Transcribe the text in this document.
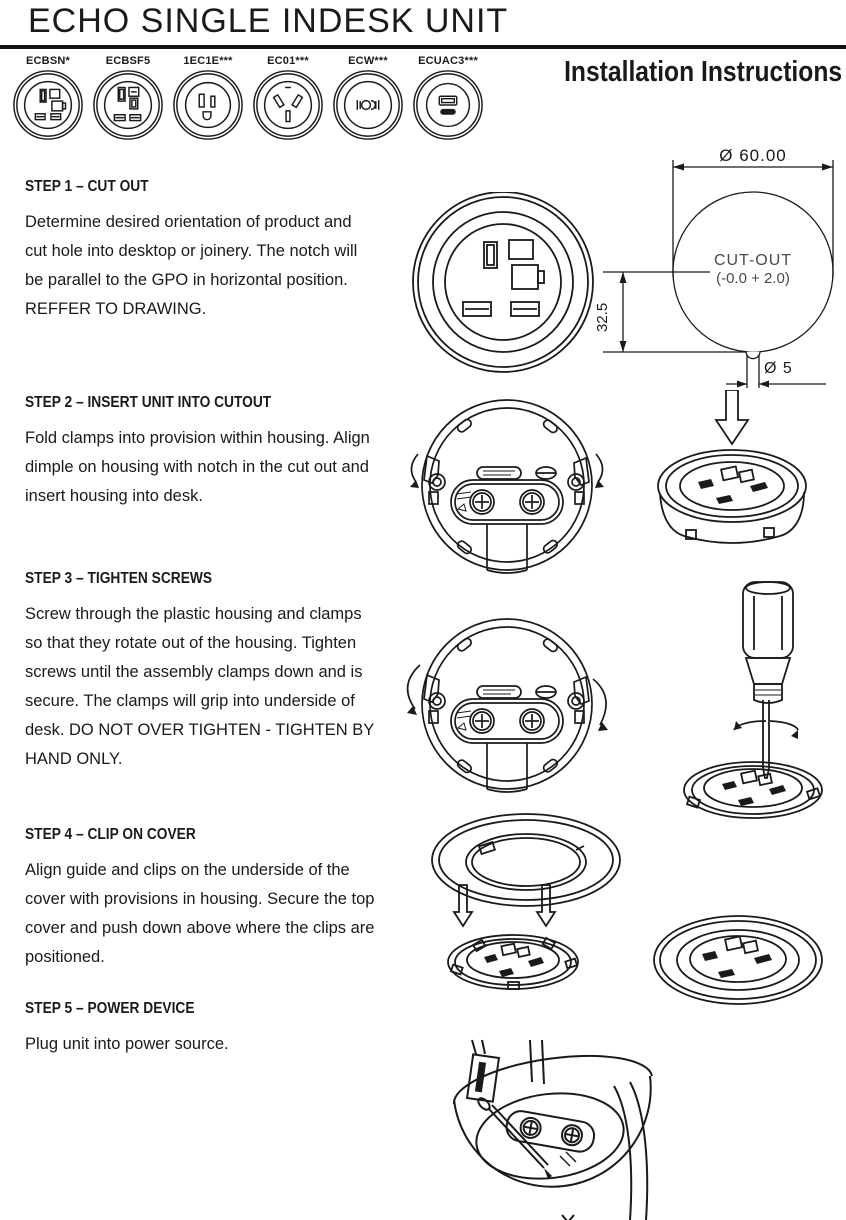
ECHO SINGLE INDESK UNIT
Installation Instructions
ECBSN*	ECBSF5	1EC1E***	EC01***	ECW***	ECUAC3***
STEP 1 – CUT OUT
Determine desired orientation of product and cut hole into desktop or joinery. The notch will be parallel to the GPO in horizontal position. REFFER TO DRAWING.
STEP 2 – INSERT UNIT INTO CUTOUT
Fold clamps into provision within housing. Align dimple on housing with notch in the cut out and insert housing into desk.
STEP 3 – TIGHTEN SCREWS
Screw through the plastic housing and clamps so that they rotate out of the housing. Tighten screws until the assembly clamps down and is secure. The clamps will grip into underside of desk. DO NOT OVER TIGHTEN - TIGHTEN BY HAND ONLY.
STEP 4 – CLIP ON COVER
Align guide and clips on the underside of the cover with provisions in housing. Secure the top cover and push down above where the clips are positioned.
STEP 5 – POWER DEVICE
Plug unit into power source.
Ø 60.00
CUT-OUT
(-0.0 + 2.0)
32.5
Ø 5
